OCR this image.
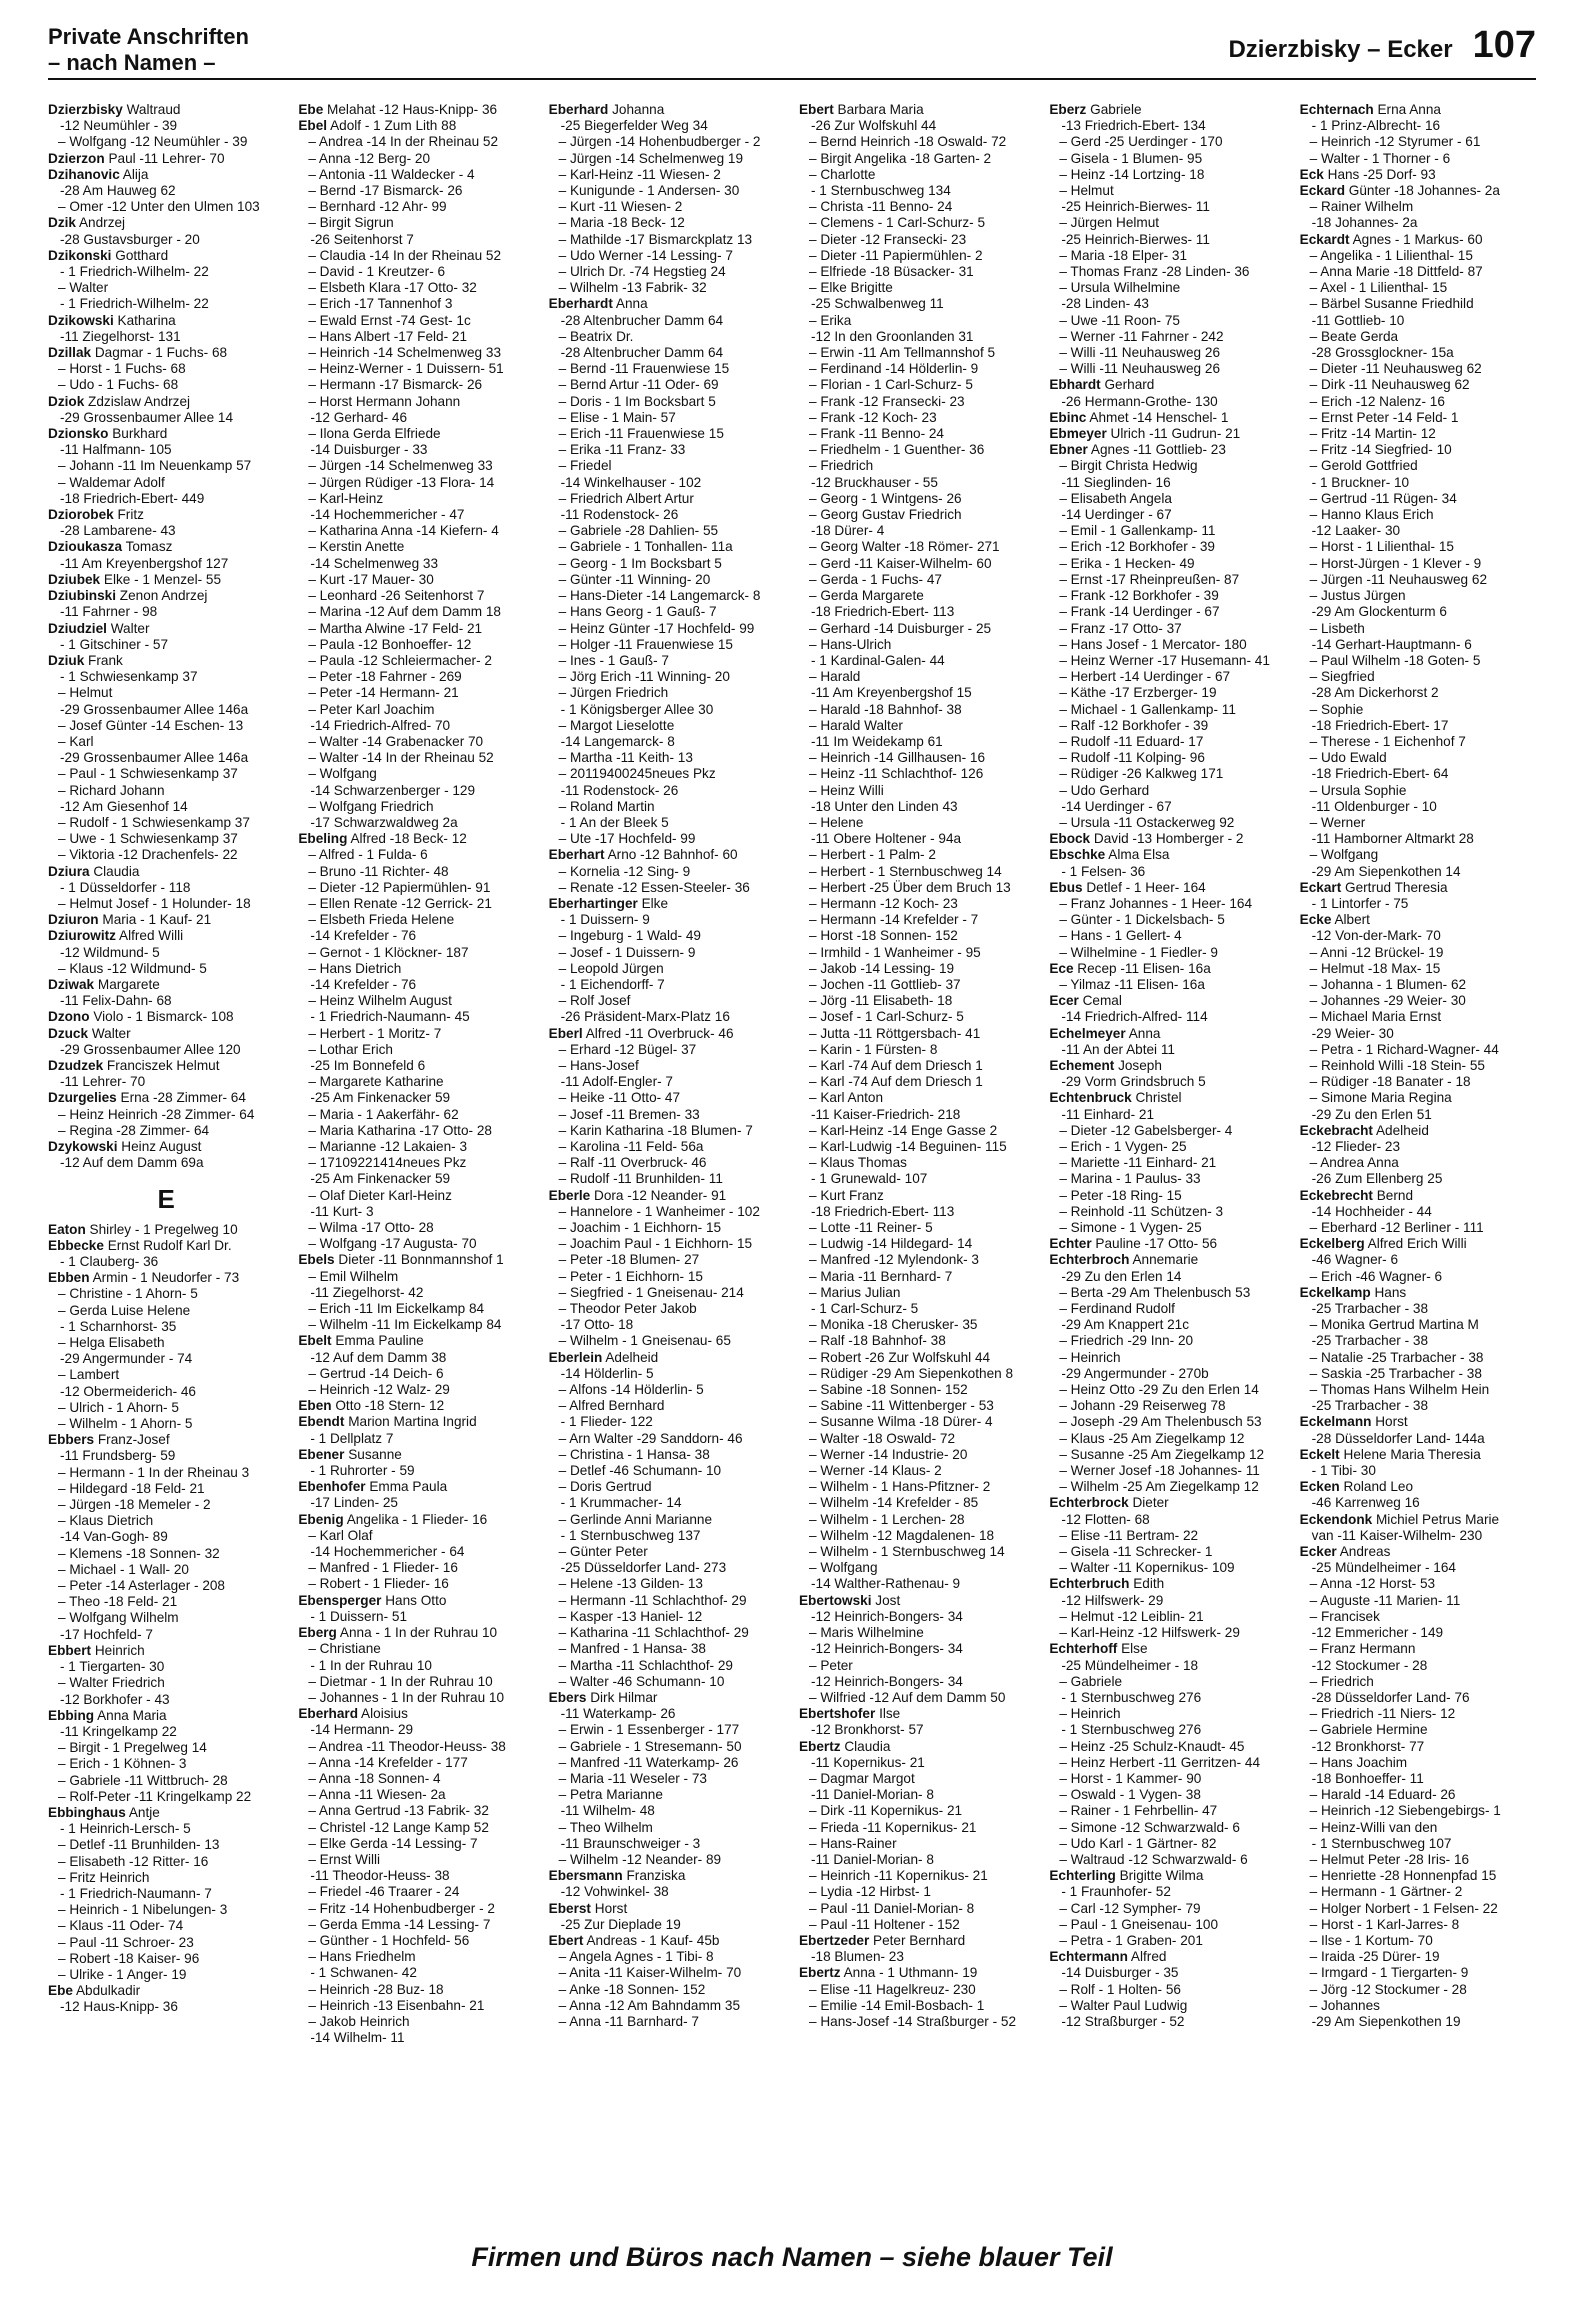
Private Anschriften
– nach Namen –	Dzierzbisky – Ecker 107
Dzierzbisky Waltraud
-12 Neumühler - 39
– Wolfgang -12 Neumühler - 39
Dzierzon Paul -11 Lehrer- 70
Dzihanovic Alija
-28 Am Hauweg 62
– Omer -12 Unter den Ulmen 103
Dzik Andrzej
-28 Gustavsburger - 20
Dzikonski Gotthard
- 1 Friedrich-Wilhelm- 22
– Walter
- 1 Friedrich-Wilhelm- 22
Dzikowski Katharina
-11 Ziegelhorst- 131
Dzillak Dagmar - 1 Fuchs- 68
– Horst - 1 Fuchs- 68
– Udo - 1 Fuchs- 68
Dziok Zdzislaw Andrzej
-29 Grossenbaumer Allee 14
Dzionsko Burkhard
-11 Halfmann- 105
– Johann -11 Im Neuenkamp 57
– Waldemar Adolf
-18 Friedrich-Ebert- 449
Dziorobek Fritz
-28 Lambarene- 43
Dzioukasza Tomasz
-11 Am Kreyenbergshof 127
Dziubek Elke - 1 Menzel- 55
Dziubinski Zenon Andrzej
-11 Fahrner - 98
Dziudziel Walter
- 1 Gitschiner - 57
Dziuk Frank
- 1 Schwiesenkamp 37
– Helmut
-29 Grossenbaumer Allee 146a
– Josef Günter -14 Eschen- 13
– Karl
-29 Grossenbaumer Allee 146a
– Paul - 1 Schwiesenkamp 37
– Richard Johann
-12 Am Giesenhof 14
– Rudolf - 1 Schwiesenkamp 37
– Uwe - 1 Schwiesenkamp 37
– Viktoria -12 Drachenfels- 22
Dziura Claudia
- 1 Düsseldorfer - 118
– Helmut Josef - 1 Holunder- 18
Dziuron Maria - 1 Kauf- 21
Dziurowitz Alfred Willi
-12 Wildmund- 5
– Klaus -12 Wildmund- 5
Dziwak Margarete
-11 Felix-Dahn- 68
Dzono Violo - 1 Bismarck- 108
Dzuck Walter
-29 Grossenbaumer Allee 120
Dzudzek Franciszek Helmut
-11 Lehrer- 70
Dzurgelies Erna -28 Zimmer- 64
– Heinz Heinrich -28 Zimmer- 64
– Regina -28 Zimmer- 64
Dzykowski Heinz August
-12 Auf dem Damm 69a
E
Eaton Shirley - 1 Pregelweg 10
Ebbecke Ernst Rudolf Karl Dr.
- 1 Clauberg- 36
Ebben Armin - 1 Neudorfer - 73
– Christine - 1 Ahorn- 5
– Gerda Luise Helene
- 1 Scharnhorst- 35
– Helga Elisabeth
-29 Angermunder - 74
– Lambert
-12 Obermeiderich- 46
– Ulrich - 1 Ahorn- 5
– Wilhelm - 1 Ahorn- 5
Ebbers Franz-Josef
-11 Frundsberg- 59
– Hermann - 1 In der Rheinau 3
– Hildegard -18 Feld- 21
– Jürgen -18 Memeler - 2
– Klaus Dietrich
-14 Van-Gogh- 89
– Klemens -18 Sonnen- 32
– Michael - 1 Wall- 20
– Peter -14 Asterlager - 208
– Theo -18 Feld- 21
– Wolfgang Wilhelm
-17 Hochfeld- 7
Ebbert Heinrich
- 1 Tiergarten- 30
– Walter Friedrich
-12 Borkhofer - 43
Ebbing Anna Maria
-11 Kringelkamp 22
– Birgit - 1 Pregelweg 14
– Erich - 1 Köhnen- 3
– Gabriele -11 Wittbruch- 28
– Rolf-Peter -11 Kringelkamp 22
Ebbinghaus Antje
- 1 Heinrich-Lersch- 5
– Detlef -11 Brunhilden- 13
– Elisabeth -12 Ritter- 16
– Fritz Heinrich
- 1 Friedrich-Naumann- 7
– Heinrich - 1 Nibelungen- 3
– Klaus -11 Oder- 74
– Paul -11 Schroer- 23
– Robert -18 Kaiser- 96
– Ulrike - 1 Anger- 19
Ebe Abdulkadir
-12 Haus-Knipp- 36
Ebe Melahat -12 Haus-Knipp- 36
Ebel Adolf - 1 Zum Lith 88
– Andrea -14 In der Rheinau 52
– Anna -12 Berg- 20
– Antonia -11 Waldecker - 4
– Bernd -17 Bismarck- 26
– Bernhard -12 Ahr- 99
– Birgit Sigrun
-26 Seitenhorst 7
– Claudia -14 In der Rheinau 52
– David - 1 Kreutzer- 6
– Elsbeth Klara -17 Otto- 32
– Erich -17 Tannenhof 3
– Ewald Ernst -74 Gest- 1c
– Hans Albert -17 Feld- 21
– Heinrich -14 Schelmenweg 33
– Heinz-Werner - 1 Duissern- 51
– Hermann -17 Bismarck- 26
– Horst Hermann Johann
-12 Gerhard- 46
– Ilona Gerda Elfriede
-14 Duisburger - 33
– Jürgen -14 Schelmenweg 33
– Jürgen Rüdiger -13 Flora- 14
– Karl-Heinz
-14 Hochemmericher - 47
– Katharina Anna -14 Kiefern- 4
– Kerstin Anette
-14 Schelmenweg 33
– Kurt -17 Mauer- 30
– Leonhard -26 Seitenhorst 7
– Marina -12 Auf dem Damm 18
– Martha Alwine -17 Feld- 21
– Paula -12 Bonhoeffer- 12
– Paula -12 Schleiermacher- 2
– Peter -18 Fahrner - 269
– Peter -14 Hermann- 21
– Peter Karl Joachim
-14 Friedrich-Alfred- 70
– Walter -14 Grabenacker 70
– Walter -14 In der Rheinau 52
– Wolfgang
-14 Schwarzenberger - 129
– Wolfgang Friedrich
-17 Schwarzwaldweg 2a
Ebeling Alfred -18 Beck- 12
– Alfred - 1 Fulda- 6
– Bruno -11 Richter- 48
– Dieter -12 Papiermühlen- 91
– Ellen Renate -12 Gerrick- 21
– Elsbeth Frieda Helene
-14 Krefelder - 76
– Gernot - 1 Klöckner- 187
– Hans Dietrich
-14 Krefelder - 76
– Heinz Wilhelm August
- 1 Friedrich-Naumann- 45
– Herbert - 1 Moritz- 7
– Lothar Erich
-25 Im Bonnefeld 6
– Margarete Katharine
-25 Am Finkenacker 59
– Maria - 1 Aakerfähr- 62
– Maria Katharina -17 Otto- 28
– Marianne -12 Lakaien- 3
– 17109221414neues Pkz
-25 Am Finkenacker 59
– Olaf Dieter Karl-Heinz
-11 Kurt- 3
– Wilma -17 Otto- 28
– Wolfgang -17 Augusta- 70
Ebels Dieter -11 Bonnmannshof 1
– Emil Wilhelm
-11 Ziegelhorst- 42
– Erich -11 Im Eickelkamp 84
– Wilhelm -11 Im Eickelkamp 84
Ebelt Emma Pauline
-12 Auf dem Damm 38
– Gertrud -14 Deich- 6
– Heinrich -12 Walz- 29
Eben Otto -18 Stern- 12
Ebendt Marion Martina Ingrid
- 1 Dellplatz 7
Ebener Susanne
- 1 Ruhrorter - 59
Ebenhofer Emma Paula
-17 Linden- 25
Ebenig Angelika - 1 Flieder- 16
– Karl Olaf
-14 Hochemmericher - 64
– Manfred - 1 Flieder- 16
– Robert - 1 Flieder- 16
Ebensperger Hans Otto
- 1 Duissern- 51
Eberg Anna - 1 In der Ruhrau 10
– Christiane
- 1 In der Ruhrau 10
– Dietmar - 1 In der Ruhrau 10
– Johannes - 1 In der Ruhrau 10
Eberhard Aloisius
-14 Hermann- 29
– Andrea -11 Theodor-Heuss- 38
– Anna -14 Krefelder - 177
– Anna -18 Sonnen- 4
– Anna -11 Wiesen- 2a
– Anna Gertrud -13 Fabrik- 32
– Christel -12 Lange Kamp 52
– Elke Gerda -14 Lessing- 7
– Ernst Willi
-11 Theodor-Heuss- 38
– Friedel -46 Traarer - 24
– Fritz -14 Hohenbudberger - 2
– Gerda Emma -14 Lessing- 7
– Günther - 1 Hochfeld- 56
– Hans Friedhelm
- 1 Schwanen- 42
– Heinrich -28 Buz- 18
– Heinrich -13 Eisenbahn- 21
– Jakob Heinrich
-14 Wilhelm- 11
Eberhard Johanna
-25 Biegerfelder Weg 34
– Jürgen -14 Hohenbudberger - 2
– Jürgen -14 Schelmenweg 19
– Karl-Heinz -11 Wiesen- 2
– Kunigunde - 1 Andersen- 30
– Kurt -11 Wiesen- 2
– Maria -18 Beck- 12
– Mathilde -17 Bismarckplatz 13
– Udo Werner -14 Lessing- 7
– Ulrich Dr. -74 Hegstieg 24
– Wilhelm -13 Fabrik- 32
Eberhardt Anna
-28 Altenbrucher Damm 64
– Beatrix Dr.
-28 Altenbrucher Damm 64
– Bernd -11 Frauenwiese 15
– Bernd Artur -11 Oder- 69
– Doris - 1 Im Bocksbart 5
– Elise - 1 Main- 57
– Erich -11 Frauenwiese 15
– Erika -11 Franz- 33
– Friedel
-14 Winkelhauser - 102
– Friedrich Albert Artur
-11 Rodenstock- 26
– Gabriele -28 Dahlien- 55
– Gabriele - 1 Tonhallen- 11a
– Georg - 1 Im Bocksbart 5
– Günter -11 Winning- 20
– Hans-Dieter -14 Langemarck- 8
– Hans Georg - 1 Gauß- 7
– Heinz Günter -17 Hochfeld- 99
– Holger -11 Frauenwiese 15
– Ines - 1 Gauß- 7
– Jörg Erich -11 Winning- 20
– Jürgen Friedrich
- 1 Königsberger Allee 30
– Margot Lieselotte
-14 Langemarck- 8
– Martha -11 Keith- 13
– 20119400245neues Pkz
-11 Rodenstock- 26
– Roland Martin
- 1 An der Bleek 5
– Ute -17 Hochfeld- 99
Eberhart Arno -12 Bahnhof- 60
– Kornelia -12 Sing- 9
– Renate -12 Essen-Steeler- 36
Eberhartinger Elke
- 1 Duissern- 9
– Ingeburg - 1 Wald- 49
– Josef - 1 Duissern- 9
– Leopold Jürgen
- 1 Eichendorff- 7
– Rolf Josef
-26 Präsident-Marx-Platz 16
Eberl Alfred -11 Overbruck- 46
– Erhard -12 Bügel- 37
– Hans-Josef
-11 Adolf-Engler- 7
– Heike -11 Otto- 47
– Josef -11 Bremen- 33
– Karin Katharina -18 Blumen- 7
– Karolina -11 Feld- 56a
– Ralf -11 Overbruck- 46
– Rudolf -11 Brunhilden- 11
Eberle Dora -12 Neander- 91
– Hannelore - 1 Wanheimer - 102
– Joachim - 1 Eichhorn- 15
– Joachim Paul - 1 Eichhorn- 15
– Peter -18 Blumen- 27
– Peter - 1 Eichhorn- 15
– Siegfried - 1 Gneisenau- 214
– Theodor Peter Jakob
-17 Otto- 18
– Wilhelm - 1 Gneisenau- 65
Eberlein Adelheid
-14 Hölderlin- 5
– Alfons -14 Hölderlin- 5
– Alfred Bernhard
- 1 Flieder- 122
– Arn Walter -29 Sanddorn- 46
– Christina - 1 Hansa- 38
– Detlef -46 Schumann- 10
– Doris Gertrud
- 1 Krummacher- 14
– Gerlinde Anni Marianne
- 1 Sternbuschweg 137
– Günter Peter
-25 Düsseldorfer Land- 273
– Helene -13 Gilden- 13
– Hermann -11 Schlachthof- 29
– Kasper -13 Haniel- 12
– Katharina -11 Schlachthof- 29
– Manfred - 1 Hansa- 38
– Martha -11 Schlachthof- 29
– Walter -46 Schumann- 10
Ebers Dirk Hilmar
-11 Waterkamp- 26
– Erwin - 1 Essenberger - 177
– Gabriele - 1 Stresemann- 50
– Manfred -11 Waterkamp- 26
– Maria -11 Weseler - 73
– Petra Marianne
-11 Wilhelm- 48
– Theo Wilhelm
-11 Braunschweiger - 3
– Wilhelm -12 Neander- 89
Ebersmann Franziska
-12 Vohwinkel- 38
Eberst Horst
-25 Zur Dieplade 19
Ebert Andreas - 1 Kauf- 45b
– Angela Agnes - 1 Tibi- 8
– Anita -11 Kaiser-Wilhelm- 70
– Anke -18 Sonnen- 152
– Anna -12 Am Bahndamm 35
– Anna -11 Barnhard- 7
Ebert Barbara Maria
-26 Zur Wolfskuhl 44
– Bernd Heinrich -18 Oswald- 72
– Birgit Angelika -18 Garten- 2
– Charlotte
- 1 Sternbuschweg 134
– Christa -11 Benno- 24
– Clemens - 1 Carl-Schurz- 5
– Dieter -12 Fransecki- 23
– Dieter -11 Papiermühlen- 2
– Elfriede -18 Büsacker- 31
– Elke Brigitte
-25 Schwalbenweg 11
– Erika
-12 In den Groonlanden 31
– Erwin -11 Am Tellmannshof 5
– Ferdinand -14 Hölderlin- 9
– Florian - 1 Carl-Schurz- 5
– Frank -12 Fransecki- 23
– Frank -12 Koch- 23
– Frank -11 Benno- 24
– Friedhelm - 1 Guenther- 36
– Friedrich
-12 Bruckhauser - 55
– Georg - 1 Wintgens- 26
– Georg Gustav Friedrich
-18 Dürer- 4
– Georg Walter -18 Römer- 271
– Gerd -11 Kaiser-Wilhelm- 60
– Gerda - 1 Fuchs- 47
– Gerda Margarete
-18 Friedrich-Ebert- 113
– Gerhard -14 Duisburger - 25
– Hans-Ulrich
- 1 Kardinal-Galen- 44
– Harald
-11 Am Kreyenbergshof 15
– Harald -18 Bahnhof- 38
– Harald Walter
-11 Im Weidekamp 61
– Heinrich -14 Gillhausen- 16
– Heinz -11 Schlachthof- 126
– Heinz Willi
-18 Unter den Linden 43
– Helene
-11 Obere Holtener - 94a
– Herbert - 1 Palm- 2
– Herbert - 1 Sternbuschweg 14
– Herbert -25 Über dem Bruch 13
– Hermann -12 Koch- 23
– Hermann -14 Krefelder - 7
– Horst -18 Sonnen- 152
– Irmhild - 1 Wanheimer - 95
– Jakob -14 Lessing- 19
– Jochen -11 Gottlieb- 37
– Jörg -11 Elisabeth- 18
– Josef - 1 Carl-Schurz- 5
– Jutta -11 Röttgersbach- 41
– Karin - 1 Fürsten- 8
– Karl -74 Auf dem Driesch 1
– Karl -74 Auf dem Driesch 1
– Karl Anton
-11 Kaiser-Friedrich- 218
– Karl-Heinz -14 Enge Gasse 2
– Karl-Ludwig -14 Beguinen- 115
– Klaus Thomas
- 1 Grunewald- 107
– Kurt Franz
-18 Friedrich-Ebert- 113
– Lotte -11 Reiner- 5
– Ludwig -14 Hildegard- 14
– Manfred -12 Mylendonk- 3
– Maria -11 Bernhard- 7
– Marius Julian
- 1 Carl-Schurz- 5
– Monika -18 Cherusker- 35
– Ralf -18 Bahnhof- 38
– Robert -26 Zur Wolfskuhl 44
– Rüdiger -29 Am Siepenkothen 8
– Sabine -18 Sonnen- 152
– Sabine -11 Wittenberger - 53
– Susanne Wilma -18 Dürer- 4
– Walter -18 Oswald- 72
– Werner -14 Industrie- 20
– Werner -14 Klaus- 2
– Wilhelm - 1 Hans-Pfitzner- 2
– Wilhelm -14 Krefelder - 85
– Wilhelm - 1 Lerchen- 28
– Wilhelm -12 Magdalenen- 18
– Wilhelm - 1 Sternbuschweg 14
– Wolfgang
-14 Walther-Rathenau- 9
Ebertowski Jost
-12 Heinrich-Bongers- 34
– Maris Wilhelmine
-12 Heinrich-Bongers- 34
– Peter
-12 Heinrich-Bongers- 34
– Wilfried -12 Auf dem Damm 50
Ebertshofer Ilse
-12 Bronkhorst- 57
Ebertz Claudia
-11 Kopernikus- 21
– Dagmar Margot
-11 Daniel-Morian- 8
– Dirk -11 Kopernikus- 21
– Frieda -11 Kopernikus- 21
– Hans-Rainer
-11 Daniel-Morian- 8
– Heinrich -11 Kopernikus- 21
– Lydia -12 Hirbst- 1
– Paul -11 Daniel-Morian- 8
– Paul -11 Holtener - 152
Ebertzeder Peter Bernhard
-18 Blumen- 23
Ebertz Anna - 1 Uthmann- 19
– Elise -11 Hagelkreuz- 230
– Emilie -14 Emil-Bosbach- 1
– Hans-Josef -14 Straßburger - 52
Eberz Gabriele
-13 Friedrich-Ebert- 134
– Gerd -25 Uerdinger - 170
– Gisela - 1 Blumen- 95
– Heinz -14 Lortzing- 18
– Helmut
-25 Heinrich-Bierwes- 11
– Jürgen Helmut
-25 Heinrich-Bierwes- 11
– Maria -18 Elper- 31
– Thomas Franz -28 Linden- 36
– Ursula Wilhelmine
-28 Linden- 43
– Uwe -11 Roon- 75
– Werner -11 Fahrner - 242
– Willi -11 Neuhausweg 26
– Willi -11 Neuhausweg 26
Ebhardt Gerhard
-26 Hermann-Grothe- 130
Ebinc Ahmet -14 Henschel- 1
Ebmeyer Ulrich -11 Gudrun- 21
Ebner Agnes -11 Gottlieb- 23
– Birgit Christa Hedwig
-11 Sieglinden- 16
– Elisabeth Angela
-14 Uerdinger - 67
– Emil - 1 Gallenkamp- 11
– Erich -12 Borkhofer - 39
– Erika - 1 Hecken- 49
– Ernst -17 Rheinpreußen- 87
– Frank -12 Borkhofer - 39
– Frank -14 Uerdinger - 67
– Franz -17 Otto- 37
– Hans Josef - 1 Mercator- 180
– Heinz Werner -17 Husemann- 41
– Herbert -14 Uerdinger - 67
– Käthe -17 Erzberger- 19
– Michael - 1 Gallenkamp- 11
– Ralf -12 Borkhofer - 39
– Rudolf -11 Eduard- 17
– Rudolf -11 Kolping- 96
– Rüdiger -26 Kalkweg 171
– Udo Gerhard
-14 Uerdinger - 67
– Ursula -11 Ostackerweg 92
Ebock David -13 Homberger - 2
Ebschke Alma Elsa
- 1 Felsen- 36
Ebus Detlef - 1 Heer- 164
– Franz Johannes - 1 Heer- 164
– Günter - 1 Dickelsbach- 5
– Hans - 1 Gellert- 4
– Wilhelmine - 1 Fiedler- 9
Ece Recep -11 Elisen- 16a
– Yilmaz -11 Elisen- 16a
Ecer Cemal
-14 Friedrich-Alfred- 114
Echelmeyer Anna
-11 An der Abtei 11
Echement Joseph
-29 Vorm Grindsbruch 5
Echtenbruck Christel
-11 Einhard- 21
– Dieter -12 Gabelsberger- 4
– Erich - 1 Vygen- 25
– Mariette -11 Einhard- 21
– Marina - 1 Paulus- 33
– Peter -18 Ring- 15
– Reinhold -11 Schützen- 3
– Simone - 1 Vygen- 25
Echter Pauline -17 Otto- 56
Echterbroch Annemarie
-29 Zu den Erlen 14
– Berta -29 Am Thelenbusch 53
– Ferdinand Rudolf
-29 Am Knappert 21c
– Friedrich -29 Inn- 20
– Heinrich
-29 Angermunder - 270b
– Heinz Otto -29 Zu den Erlen 14
– Johann -29 Reiserweg 78
– Joseph -29 Am Thelenbusch 53
– Klaus -25 Am Ziegelkamp 12
– Susanne -25 Am Ziegelkamp 12
– Werner Josef -18 Johannes- 11
– Wilhelm -25 Am Ziegelkamp 12
Echterbrock Dieter
-12 Flotten- 68
– Elise -11 Bertram- 22
– Gisela -11 Schrecker- 1
– Walter -11 Kopernikus- 109
Echterbruch Edith
-12 Hilfswerk- 29
– Helmut -12 Leiblin- 21
– Karl-Heinz -12 Hilfswerk- 29
Echterhoff Else
-25 Mündelheimer - 18
– Gabriele
- 1 Sternbuschweg 276
– Heinrich
- 1 Sternbuschweg 276
– Heinz -25 Schulz-Knaudt- 45
– Heinz Herbert -11 Gerritzen- 44
– Horst - 1 Kammer- 90
– Oswald - 1 Vygen- 38
– Rainer - 1 Fehrbellin- 47
– Simone -12 Schwarzwald- 6
– Udo Karl - 1 Gärtner- 82
– Waltraud -12 Schwarzwald- 6
Echterling Brigitte Wilma
- 1 Fraunhofer- 52
– Carl -12 Sympher- 79
– Paul - 1 Gneisenau- 100
– Petra - 1 Graben- 201
Echtermann Alfred
-14 Duisburger - 35
– Rolf - 1 Holten- 56
– Walter Paul Ludwig
-12 Straßburger - 52
Echternach Erna Anna
- 1 Prinz-Albrecht- 16
– Heinrich -12 Styrumer - 61
– Walter - 1 Thorner - 6
Eck Hans -25 Dorf- 93
Eckard Günter -18 Johannes- 2a
– Rainer Wilhelm
-18 Johannes- 2a
Eckardt Agnes - 1 Markus- 60
– Angelika - 1 Lilienthal- 15
– Anna Marie -18 Dittfeld- 87
– Axel - 1 Lilienthal- 15
– Bärbel Susanne Friedhild
-11 Gottlieb- 10
– Beate Gerda
-28 Grossglockner- 15a
– Dieter -11 Neuhausweg 62
– Dirk -11 Neuhausweg 62
– Erich -12 Nalenz- 16
– Ernst Peter -14 Feld- 1
– Fritz -14 Martin- 12
– Fritz -14 Siegfried- 10
– Gerold Gottfried
- 1 Bruckner- 10
– Gertrud -11 Rügen- 34
– Hanno Klaus Erich
-12 Laaker- 30
– Horst - 1 Lilienthal- 15
– Horst-Jürgen - 1 Klever - 9
– Jürgen -11 Neuhausweg 62
– Justus Jürgen
-29 Am Glockenturm 6
– Lisbeth
-14 Gerhart-Hauptmann- 6
– Paul Wilhelm -18 Goten- 5
– Siegfried
-28 Am Dickerhorst 2
– Sophie
-18 Friedrich-Ebert- 17
– Therese - 1 Eichenhof 7
– Udo Ewald
-18 Friedrich-Ebert- 64
– Ursula Sophie
-11 Oldenburger - 10
– Werner
-11 Hamborner Altmarkt 28
– Wolfgang
-29 Am Siepenkothen 14
Eckart Gertrud Theresia
- 1 Lintorfer - 75
Ecke Albert
-12 Von-der-Mark- 70
– Anni -12 Brückel- 19
– Helmut -18 Max- 15
– Johanna - 1 Blumen- 62
– Johannes -29 Weier- 30
– Michael Maria Ernst
-29 Weier- 30
– Petra - 1 Richard-Wagner- 44
– Reinhold Willi -18 Stein- 55
– Rüdiger -18 Banater - 18
– Simone Maria Regina
-29 Zu den Erlen 51
Eckebracht Adelheid
-12 Flieder- 23
– Andrea Anna
-26 Zum Ellenberg 25
Eckebrecht Bernd
-14 Hochheider - 44
– Eberhard -12 Berliner - 111
Eckelberg Alfred Erich Willi
-46 Wagner- 6
– Erich -46 Wagner- 6
Eckelkamp Hans
-25 Trarbacher - 38
– Monika Gertrud Martina M
-25 Trarbacher - 38
– Natalie -25 Trarbacher - 38
– Saskia -25 Trarbacher - 38
– Thomas Hans Wilhelm Hein
-25 Trarbacher - 38
Eckelmann Horst
-28 Düsseldorfer Land- 144a
Eckelt Helene Maria Theresia
- 1 Tibi- 30
Ecken Roland Leo
-46 Karrenweg 16
Eckendonk Michiel Petrus Marie
van -11 Kaiser-Wilhelm- 230
Ecker Andreas
-25 Mündelheimer - 164
– Anna -12 Horst- 53
– Auguste -11 Marien- 11
– Francisek
-12 Emmericher - 149
– Franz Hermann
-12 Stockumer - 28
– Friedrich
-28 Düsseldorfer Land- 76
– Friedrich -11 Niers- 12
– Gabriele Hermine
-12 Bronkhorst- 77
– Hans Joachim
-18 Bonhoeffer- 11
– Harald -14 Eduard- 26
– Heinrich -12 Siebengebirgs- 1
– Heinz-Willi van den
- 1 Sternbuschweg 107
– Helmut Peter -28 Iris- 16
– Henriette -28 Honnenpfad 15
– Hermann - 1 Gärtner- 2
– Holger Norbert - 1 Felsen- 22
– Horst - 1 Karl-Jarres- 8
– Ilse - 1 Kortum- 70
– Iraida -25 Dürer- 19
– Irmgard - 1 Tiergarten- 9
– Jörg -12 Stockumer - 28
– Johannes
-29 Am Siepenkothen 19
Firmen und Büros nach Namen – siehe blauer Teil
